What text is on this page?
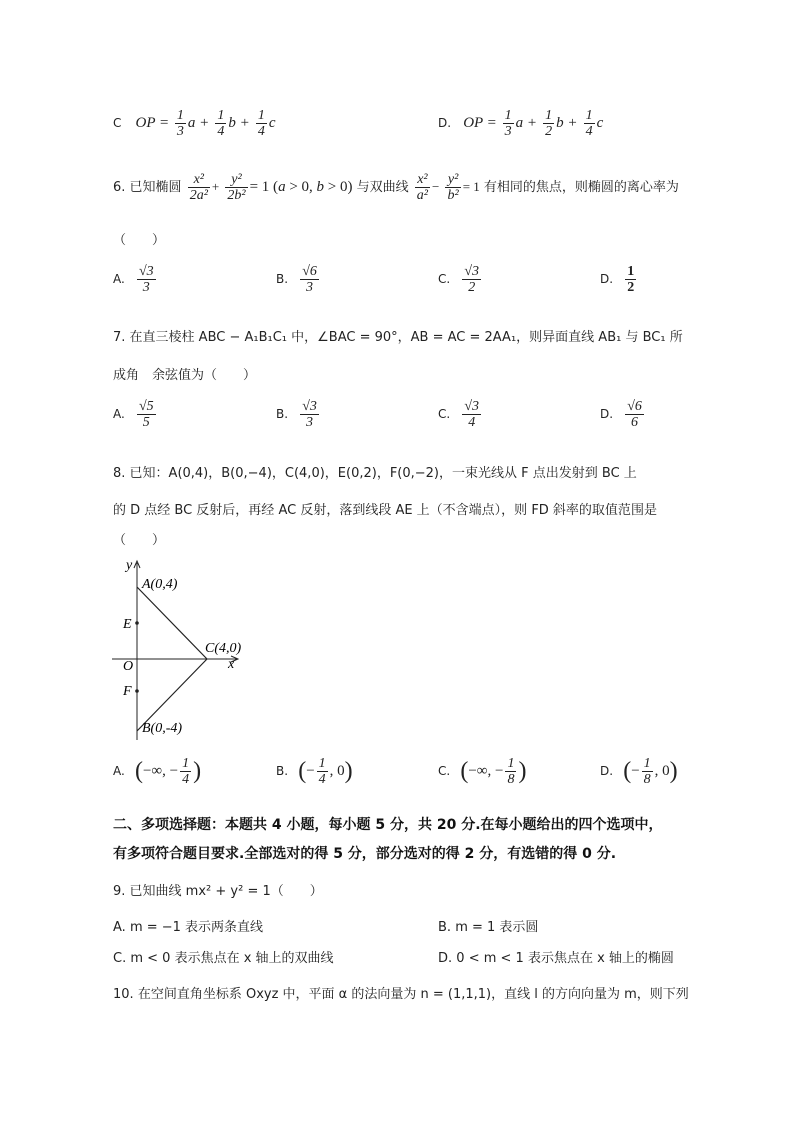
C OP = $\frac{1}{3}$ $a + \frac{1}{4}$ $b + \frac{1}{4}$ c	D. OP = $\frac{1}{3}$ $a + \frac{1}{2}$ $b + \frac{1}{4}$ c
6. 已知椭圆 $\frac{\text{x²}}{\text{2a²}} + \frac{\text{y²}}{\text{2b²}} = 1$ (a > 0, b > 0) 与双曲线 $\frac{\text{x²}}{\text{a²}} - \frac{\text{y²}}{\text{b²}} = 1$ 有相同的焦点，则椭圆的离心率为
（　　）
A. $\frac{√3}{3}$	B. $\frac{√6}{3}$	C. $\frac{√3}{2}$	D. $\frac{1}{2}$
7. 在直三棱柱 ABC − A₁B₁C₁ 中，∠BAC = 90°，AB = AC = 2AA₁，则异面直线 AB₁ 与 BC₁ 所
成角　余弦值为（　　）
A. $\frac{√5}{5}$	B. $\frac{√3}{3}$	C. $\frac{√3}{4}$	D. $\frac{√6}{6}$
8. 已知：A(0,4)，B(0,−4)，C(4,0)，E(0,2)，F(0,−2)，一束光线从 F 点出发射到 BC 上
的 D 点经 BC 反射后，再经 AC 反射，落到线段 AE 上（不含端点），则 FD 斜率的取值范围是
（　　）
y
x
O
A(0,4)
B(0,-4)
C(4,0)
E
F
A. (−∞, − $\frac{1}{4}$ )	B. (− $\frac{1}{4}$ , 0)	C. (−∞, − $\frac{1}{8}$ )	D. (− $\frac{1}{8}$ , 0)
二、多项选择题：本题共 4 小题，每小题 5 分，共 20 分.在每小题给出的四个选项中，
有多项符合题目要求.全部选对的得 5 分，部分选对的得 2 分，有选错的得 0 分.
9. 已知曲线 mx² + y² = 1（　　）
A. m = −1 表示两条直线	B. m = 1 表示圆
C. m < 0 表示焦点在 x 轴上的双曲线	D. 0 < m < 1 表示焦点在 x 轴上的椭圆
10. 在空间直角坐标系 Oxyz 中，平面 α 的法向量为 n = (1,1,1)，直线 l 的方向向量为 m，则下列
